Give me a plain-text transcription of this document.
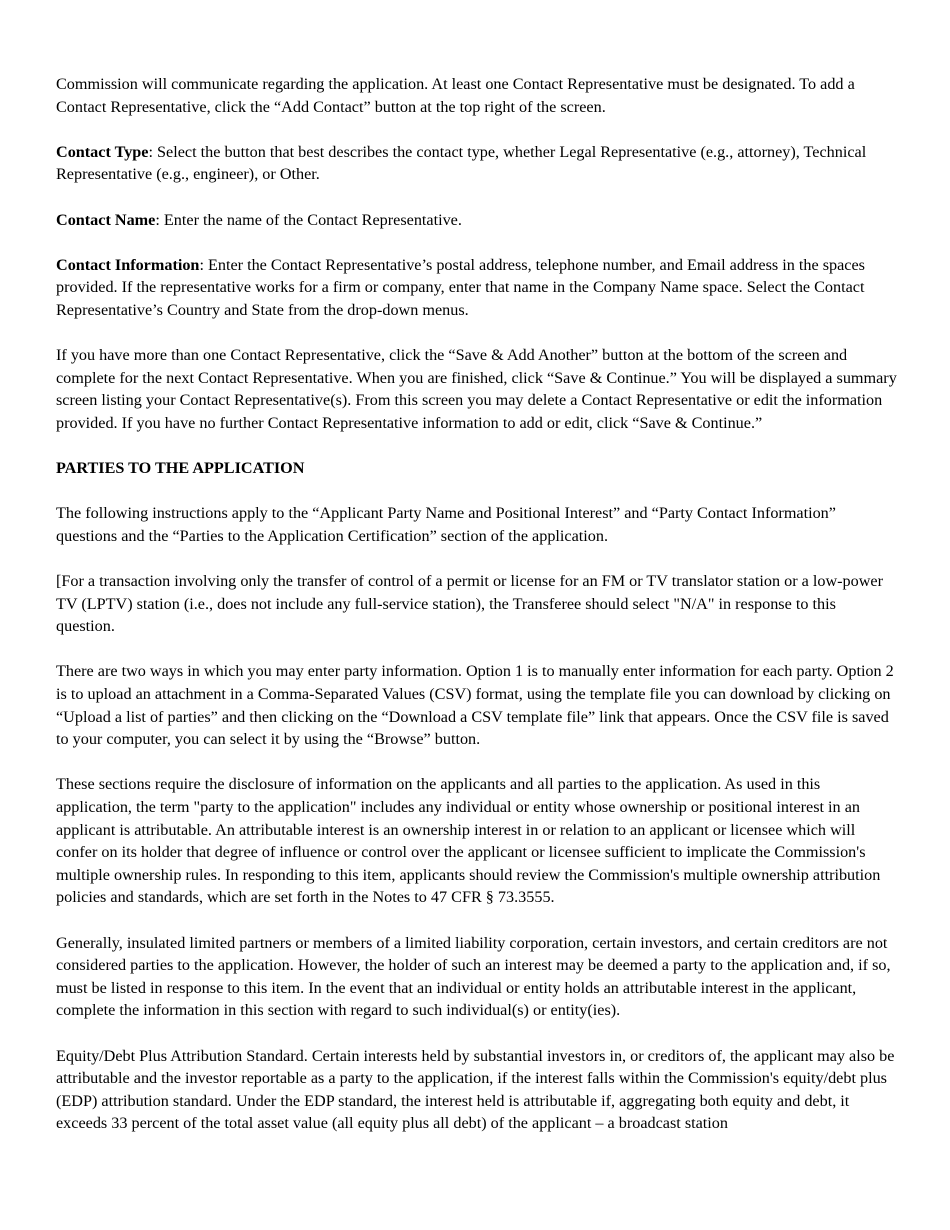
Commission will communicate regarding the application. At least one Contact Representative must be designated. To add a Contact Representative, click the “Add Contact” button at the top right of the screen.

Contact Type: Select the button that best describes the contact type, whether Legal Representative (e.g., attorney), Technical Representative (e.g., engineer), or Other.

Contact Name: Enter the name of the Contact Representative.

Contact Information: Enter the Contact Representative’s postal address, telephone number, and Email address in the spaces provided. If the representative works for a firm or company, enter that name in the Company Name space. Select the Contact Representative’s Country and State from the drop-down menus.

If you have more than one Contact Representative, click the “Save & Add Another” button at the bottom of the screen and complete for the next Contact Representative. When you are finished, click “Save & Continue.” You will be displayed a summary screen listing your Contact Representative(s). From this screen you may delete a Contact Representative or edit the information provided. If you have no further Contact Representative information to add or edit, click “Save & Continue.”

PARTIES TO THE APPLICATION

The following instructions apply to the “Applicant Party Name and Positional Interest” and “Party Contact Information” questions and the “Parties to the Application Certification” section of the application.

[For a transaction involving only the transfer of control of a permit or license for an FM or TV translator station or a low-power TV (LPTV) station (i.e., does not include any full-service station), the Transferee should select "N/A" in response to this question.

There are two ways in which you may enter party information. Option 1 is to manually enter information for each party. Option 2 is to upload an attachment in a Comma-Separated Values (CSV) format, using the template file you can download by clicking on “Upload a list of parties” and then clicking on the “Download a CSV template file” link that appears. Once the CSV file is saved to your computer, you can select it by using the “Browse” button.

These sections require the disclosure of information on the applicants and all parties to the application. As used in this application, the term "party to the application" includes any individual or entity whose ownership or positional interest in an applicant is attributable. An attributable interest is an ownership interest in or relation to an applicant or licensee which will confer on its holder that degree of influence or control over the applicant or licensee sufficient to implicate the Commission's multiple ownership rules. In responding to this item, applicants should review the Commission's multiple ownership attribution policies and standards, which are set forth in the Notes to 47 CFR § 73.3555.

Generally, insulated limited partners or members of a limited liability corporation, certain investors, and certain creditors are not considered parties to the application. However, the holder of such an interest may be deemed a party to the application and, if so, must be listed in response to this item. In the event that an individual or entity holds an attributable interest in the applicant, complete the information in this section with regard to such individual(s) or entity(ies).

Equity/Debt Plus Attribution Standard. Certain interests held by substantial investors in, or creditors of, the applicant may also be attributable and the investor reportable as a party to the application, if the interest falls within the Commission's equity/debt plus (EDP) attribution standard. Under the EDP standard, the interest held is attributable if, aggregating both equity and debt, it exceeds 33 percent of the total asset value (all equity plus all debt) of the applicant – a broadcast station
